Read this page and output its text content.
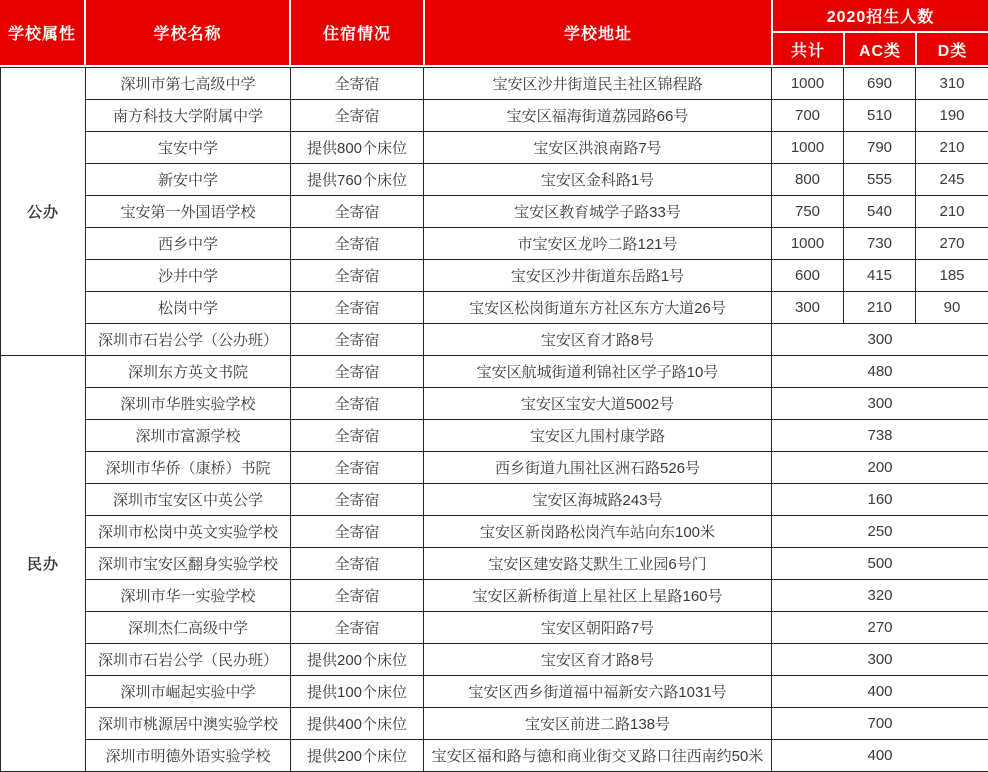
学校属性	学校名称	住宿情况	学校地址
2020招生人数
共计	AC类	D类
公办	深圳市第七高级中学	全寄宿	宝安区沙井街道民主社区锦程路	1000	690	310
	南方科技大学附属中学	全寄宿	宝安区福海街道荔园路66号	700	510	190
	宝安中学	提供800个床位	宝安区洪浪南路7号	1000	790	210
	新安中学	提供760个床位	宝安区金科路1号	800	555	245
	宝安第一外国语学校	全寄宿	宝安区教育城学子路33号	750	540	210
	西乡中学	全寄宿	市宝安区龙吟二路121号	1000	730	270
	沙井中学	全寄宿	宝安区沙井街道东岳路1号	600	415	185
	松岗中学	全寄宿	宝安区松岗街道东方社区东方大道26号	300	210	90
	深圳市石岩公学（公办班）	全寄宿	宝安区育才路8号	300		
民办	深圳东方英文书院	全寄宿	宝安区航城街道利锦社区学子路10号	480		
	深圳市华胜实验学校	全寄宿	宝安区宝安大道5002号	300		
	深圳市富源学校	全寄宿	宝安区九围村康学路	738		
	深圳市华侨（康桥）书院	全寄宿	西乡街道九围社区洲石路526号	200		
	深圳市宝安区中英公学	全寄宿	宝安区海城路243号	160		
	深圳市松岗中英文实验学校	全寄宿	宝安区新岗路松岗汽车站向东100米	250		
	深圳市宝安区翻身实验学校	全寄宿	宝安区建安路艾默生工业园6号门	500		
	深圳市华一实验学校	全寄宿	宝安区新桥街道上星社区上星路160号	320		
	深圳杰仁高级中学	全寄宿	宝安区朝阳路7号	270		
	深圳市石岩公学（民办班）	提供200个床位	宝安区育才路8号	300		
	深圳市崛起实验中学	提供100个床位	宝安区西乡街道福中福新安六路1031号	400		
	深圳市桃源居中澳实验学校	提供400个床位	宝安区前进二路138号	700		
	深圳市明德外语实验学校	提供200个床位	宝安区福和路与德和商业街交叉路口往西南约50米	400		
